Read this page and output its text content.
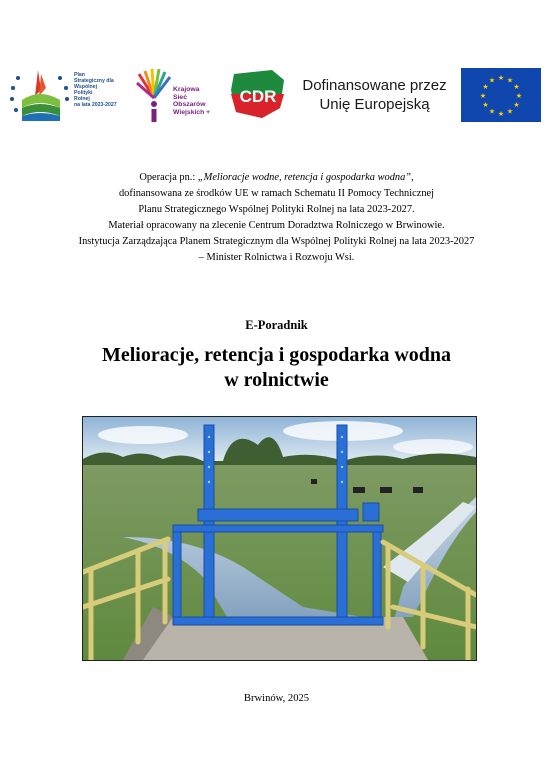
Plan
Strategiczny dla
Wspólnej
Polityki
Rolnej
na lata 2023-2027
Krajowa
Sieć
Obszarów
Wiejskich +
CDR
Dofinansowane przez
Unię Europejską
★ ★
★
★
★
★
★
★
★
★
★
★
Operacja pn.: „Melioracje wodne, retencja i gospodarka wodna”,
dofinansowana ze środków UE w ramach Schematu II Pomocy Technicznej
Planu Strategicznego Wspólnej Polityki Rolnej na lata 2023-2027.
Materiał opracowany na zlecenie Centrum Doradztwa Rolniczego w Brwinowie.
Instytucja Zarządzająca Planem Strategicznym dla Wspólnej Polityki Rolnej na lata 2023-2027
– Minister Rolnictwa i Rozwoju Wsi.
E-Poradnik
Melioracje, retencja i gospodarka wodna
w rolnictwie
Brwinów, 2025
